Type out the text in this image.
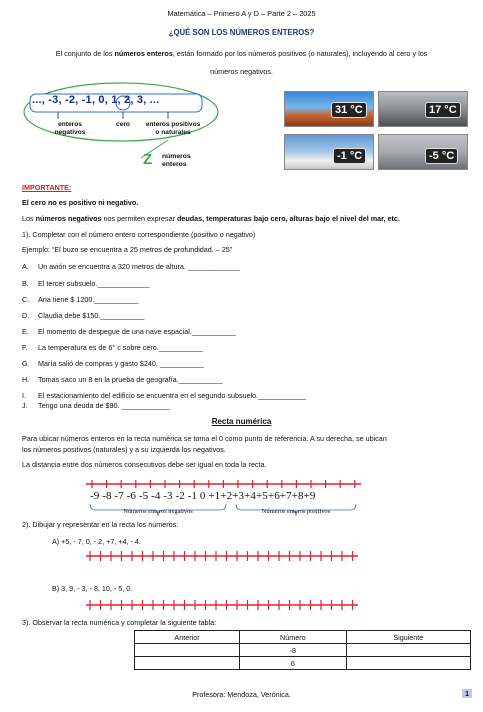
Matemática – Primero A y D – Parte 2 – 2025
¿QUÉ SON LOS NÚMEROS ENTEROS?
El conjunto de los números enteros, están formado por los números positivos (o naturales), incluyendo al cero y los
números negativos.
..., -3, -2, -1, 0, 1, 2, 3, ...
enteros
negativos
cero	enteros positivos
o naturales
Z números
enteros
31 °C	17 °C
-1 °C	-5 °C
IMPORTANTE:
El cero no es positivo ni negativo.
Los números negativos nos permiten expresar deudas, temperaturas bajo cero, alturas bajo el nivel del mar, etc.
1). Completar con el número entero correspondiente (positivo o negativo)
Ejemplo: “El buzo se encuentra a 25 metros de profundidad. – 25”
A. Un avión se encuentra a 320 metros de altura. _____________
B. El tercer subsuelo._____________
C. Ana tiene $ 1200.___________
D. Claudia debe $150.___________
E. El momento de despegue de una nave espacial.___________
F. La temperatura es de 6° c sobre cero.___________
G. María salió de compras y gasto $240. ___________
H. Tomas saco un 8 en la prueba de geografía.___________
I. El estacionamiento del edificio se encuentra en el segundo subsuelo.____________
J. Tengo una deuda de $90. ____________
Recta numérica
Para ubicar números enteros en la recta numérica se toma el 0 como punto de referencia. A su derecha, se ubican
los números positivos (naturales) y a su izquierda los negativos.
La distancia entre dos números consecutivos debe ser igual en toda la recta.
-9 -8 -7 -6 -5 -4 -3 -2 -1 0 +1+2+3+4+5+6+7+8+9
Números enteros negativos	Números enteros positivos
2). Dibujar y representar en la recta los números:
A) +5, - 7, 0, - 2, +7, +4, - 4.
B) 3, 9, - 3, - 8, 10, - 5, 0.
3). Observar la recta numérica y completar la siguiente tabla:
Anterior	Número	Siguiente
	-8	
	6	
Profesora: Mendoza, Verónica.	1
